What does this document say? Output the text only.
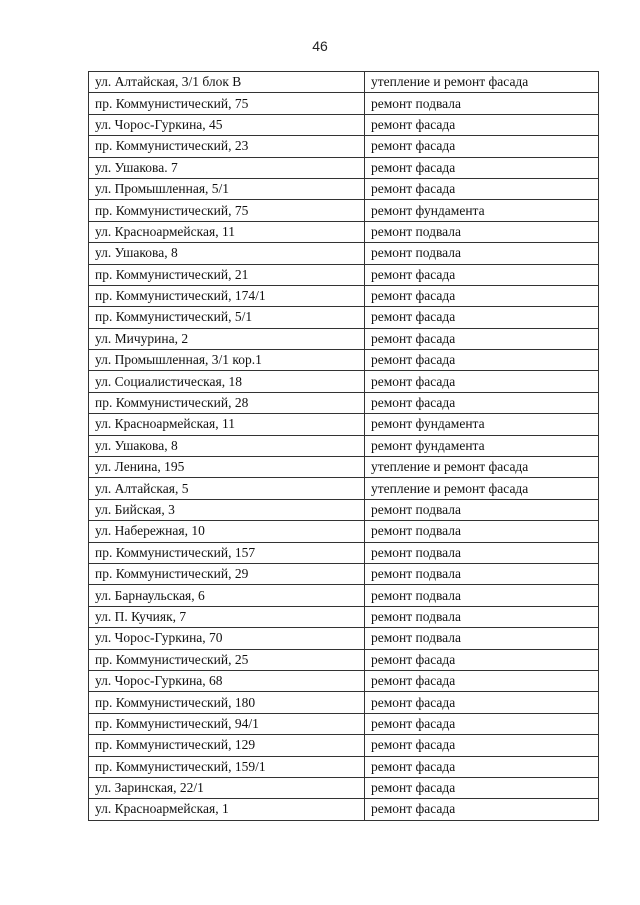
46
ул. Алтайская, 3/1 блок В	утепление и ремонт фасада
пр. Коммунистический, 75	ремонт подвала
ул. Чорос-Гуркина, 45	ремонт фасада
пр. Коммунистический, 23	ремонт фасада
ул. Ушакова. 7	ремонт фасада
ул. Промышленная, 5/1	ремонт фасада
пр. Коммунистический, 75	ремонт фундамента
ул. Красноармейская, 11	ремонт подвала
ул. Ушакова, 8	ремонт подвала
пр. Коммунистический, 21	ремонт фасада
пр. Коммунистический, 174/1	ремонт фасада
пр. Коммунистический, 5/1	ремонт фасада
ул. Мичурина, 2	ремонт фасада
ул. Промышленная, 3/1 кор.1	ремонт фасада
ул. Социалистическая, 18	ремонт фасада
пр. Коммунистический, 28	ремонт фасада
ул. Красноармейская, 11	ремонт фундамента
ул. Ушакова, 8	ремонт фундамента
ул. Ленина, 195	утепление и ремонт фасада
ул. Алтайская, 5	утепление и ремонт фасада
ул. Бийская, 3	ремонт подвала
ул. Набережная, 10	ремонт подвала
пр. Коммунистический, 157	ремонт подвала
пр. Коммунистический, 29	ремонт подвала
ул. Барнаульская, 6	ремонт подвала
ул. П. Кучияк, 7	ремонт подвала
ул. Чорос-Гуркина, 70	ремонт подвала
пр. Коммунистический, 25	ремонт фасада
ул. Чорос-Гуркина, 68	ремонт фасада
пр. Коммунистический, 180	ремонт фасада
пр. Коммунистический, 94/1	ремонт фасада
пр. Коммунистический, 129	ремонт фасада
пр. Коммунистический, 159/1	ремонт фасада
ул. Заринская, 22/1	ремонт фасада
ул. Красноармейская, 1	ремонт фасада
